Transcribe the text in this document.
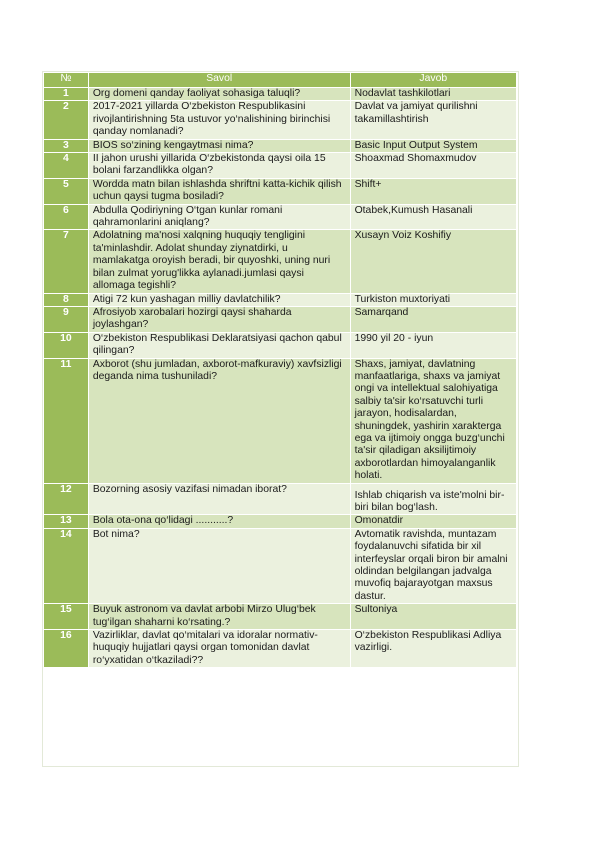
№	Savol	Javob
1	Org domeni qanday faoliyat sohasiga taluqli?	Nodavlat tashkilotlari
2	2017-2021 yillarda O‘zbekiston Respublikasini rivojlantirishning 5ta ustuvor yo‘nalishining birinchisi qanday nomlanadi?	Davlat va jamiyat qurilishni takamillashtirish
3	BIOS so‘zining kengaytmasi nima?	Basic Input Output System
4	II jahon urushi yillarida O‘zbekistonda qaysi oila 15 bolani farzandlikka olgan?	Shoaxmad Shomaxmudov
5	Wordda matn bilan ishlashda shriftni katta-kichik qilish uchun qaysi tugma bosiladi?	Shift+
6	Abdulla Qodiriyning O‘tgan kunlar romani qahramonlarini aniqlang?	Otabek,Kumush Hasanali
7	Adolatning ma'nosi xalqning huquqiy tengligini ta'minlashdir. Adolat shunday ziynatdirki, u mamlakatga oroyish beradi, bir quyoshki, uning nuri bilan zulmat yorug'likka aylanadi.jumlasi qaysi allomaga tegishli?	Xusayn Voiz Koshifiy
8	Atigi 72 kun yashagan milliy davlatchilik?	Turkiston muxtoriyati
9	Afrosiyob xarobalari hozirgi qaysi shaharda joylashgan?	Samarqand
10	O‘zbekiston Respublikasi Deklaratsiyasi qachon qabul qilingan?	1990 yil 20 - iyun
11	Axborot (shu jumladan, axborot-mafkuraviy) xavfsizligi deganda nima tushuniladi?	Shaxs, jamiyat, davlatning manfaatlariga, shaxs va jamiyat ongi va intellektual salohiyatiga salbiy ta'sir ko‘rsatuvchi turli jarayon, hodisalardan, shuningdek, yashirin xarakterga ega va ijtimoiy ongga buzg‘unchi ta'sir qiladigan aksilijtimoiy axborotlardan himoyalanganlik holati.
12	Bozorning asosiy vazifasi nimadan iborat?	Ishlab chiqarish va iste'molni bir-biri bilan bog‘lash.
13	Bola ota-ona qo‘lidagi ...........?	Omonatdir
14	Bot nima?	Avtomatik ravishda, muntazam foydalanuvchi sifatida bir xil interfeyslar orqali biron bir amalni oldindan belgilangan jadvalga muvofiq bajarayotgan maxsus dastur.
15	Buyuk astronom va davlat arbobi Mirzo Ulug‘bek tug‘ilgan shaharni ko‘rsating.?	Sultoniya
16	Vazirliklar, davlat qo‘mitalari va idoralar normativ-huquqiy hujjatlari qaysi organ tomonidan davlat ro‘yxatidan o‘tkaziladi??	O‘zbekiston Respublikasi Adliya vazirligi.
